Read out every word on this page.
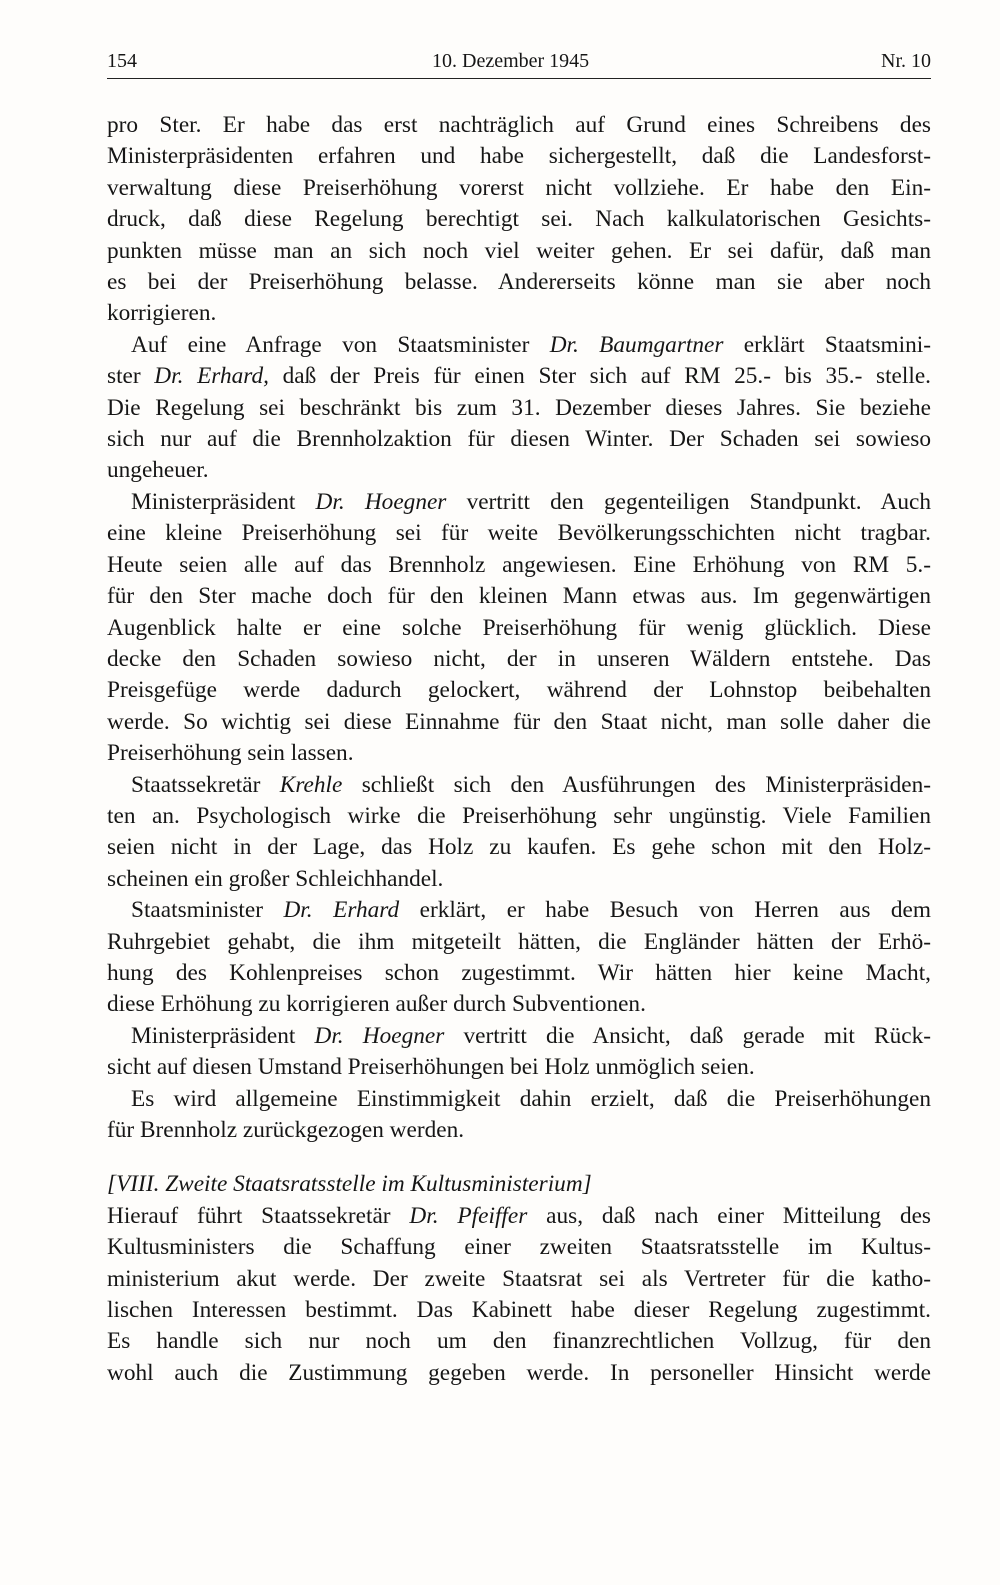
154	10. Dezember 1945	Nr. 10

pro Ster. Er habe das erst nachträglich auf Grund eines Schreibens des
Ministerpräsidenten erfahren und habe sichergestellt, daß die Landesforst-
verwaltung diese Preiserhöhung vorerst nicht vollziehe. Er habe den Ein-
druck, daß diese Regelung berechtigt sei. Nach kalkulatorischen Gesichts-
punkten müsse man an sich noch viel weiter gehen. Er sei dafür, daß man
es bei der Preiserhöhung belasse. Andererseits könne man sie aber noch
korrigieren.

Auf eine Anfrage von Staatsminister Dr. Baumgartner erklärt Staatsmini-
ster Dr. Erhard, daß der Preis für einen Ster sich auf RM 25.- bis 35.- stelle.
Die Regelung sei beschränkt bis zum 31. Dezember dieses Jahres. Sie beziehe
sich nur auf die Brennholzaktion für diesen Winter. Der Schaden sei sowieso
ungeheuer.

Ministerpräsident Dr. Hoegner vertritt den gegenteiligen Standpunkt. Auch
eine kleine Preiserhöhung sei für weite Bevölkerungsschichten nicht tragbar.
Heute seien alle auf das Brennholz angewiesen. Eine Erhöhung von RM 5.-
für den Ster mache doch für den kleinen Mann etwas aus. Im gegenwärtigen
Augenblick halte er eine solche Preiserhöhung für wenig glücklich. Diese
decke den Schaden sowieso nicht, der in unseren Wäldern entstehe. Das
Preisgefüge werde dadurch gelockert, während der Lohnstop beibehalten
werde. So wichtig sei diese Einnahme für den Staat nicht, man solle daher die
Preiserhöhung sein lassen.

Staatssekretär Krehle schließt sich den Ausführungen des Ministerpräsiden-
ten an. Psychologisch wirke die Preiserhöhung sehr ungünstig. Viele Familien
seien nicht in der Lage, das Holz zu kaufen. Es gehe schon mit den Holz-
scheinen ein großer Schleichhandel.

Staatsminister Dr. Erhard erklärt, er habe Besuch von Herren aus dem
Ruhrgebiet gehabt, die ihm mitgeteilt hätten, die Engländer hätten der Erhö-
hung des Kohlenpreises schon zugestimmt. Wir hätten hier keine Macht,
diese Erhöhung zu korrigieren außer durch Subventionen.

Ministerpräsident Dr. Hoegner vertritt die Ansicht, daß gerade mit Rück-
sicht auf diesen Umstand Preiserhöhungen bei Holz unmöglich seien.

Es wird allgemeine Einstimmigkeit dahin erzielt, daß die Preiserhöhungen
für Brennholz zurückgezogen werden.

[VIII. Zweite Staatsratsstelle im Kultusministerium]

Hierauf führt Staatssekretär Dr. Pfeiffer aus, daß nach einer Mitteilung des
Kultusministers die Schaffung einer zweiten Staatsratsstelle im Kultus-
ministerium akut werde. Der zweite Staatsrat sei als Vertreter für die katho-
lischen Interessen bestimmt. Das Kabinett habe dieser Regelung zugestimmt.
Es handle sich nur noch um den finanzrechtlichen Vollzug, für den
wohl auch die Zustimmung gegeben werde. In personeller Hinsicht werde
